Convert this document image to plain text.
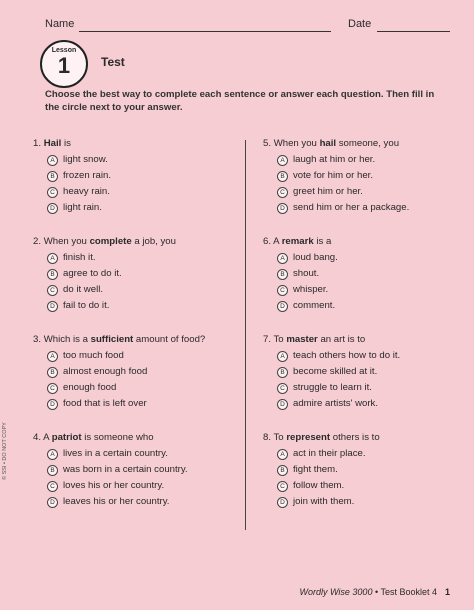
Name	Date
Lesson
1	Test
Choose the best way to complete each sentence or answer each question. Then fill in the circle next to your answer.
1. Hail is
A light snow.
B frozen rain.
C heavy rain.
D light rain.
2. When you complete a job, you
A finish it.
B agree to do it.
C do it well.
D fail to do it.
3. Which is a sufficient amount of food?
A too much food
B almost enough food
C enough food
D food that is left over
4. A patriot is someone who
A lives in a certain country.
B was born in a certain country.
C loves his or her country.
D leaves his or her country.
5. When you hail someone, you
A laugh at him or her.
B vote for him or her.
C greet him or her.
D send him or her a package.
6. A remark is a
A loud bang.
B shout.
C whisper.
D comment.
7. To master an art is to
A teach others how to do it.
B become skilled at it.
C struggle to learn it.
D admire artists' work.
8. To represent others is to
A act in their place.
B fight them.
C follow them.
D join with them.
© SSI • DO NOT COPY
Wordly Wise 3000 • Test Booklet 4 1
